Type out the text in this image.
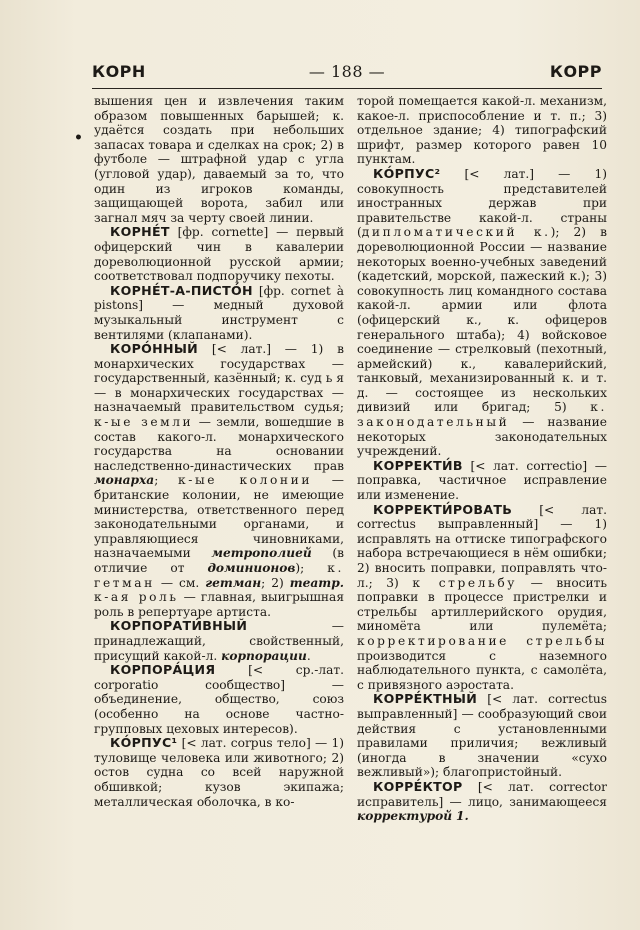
КОРН	— 188 —	КОРР
•

вышения цен и извлечения таким образом повышенных барышей; к. удаётся создать при небольших запасах товара и сделках на срок; 2) в футболе — штрафной удар с угла (угловой удар), даваемый за то, что один из игроков команды, защищающей ворота, забил или загнал мяч за черту своей линии.

КОРНЕ́Т [фр. cornette] — первый офицерский чин в кавалерии дореволюционной русской армии; соответствовал подпоручику пехоты.

КОРНЕ́Т-А-ПИСТО́Н [фр. cornet à pistons] — медный духовой музыкальный инструмент с вентилями (клапанами).

КОРО́ННЫЙ [< лат.] — 1) в монархических государствах — государственный, казённый; к. суд ь я — в монархических государствах — назначаемый правительством судья; к-ые земли — земли, вошедшие в состав какого-л. монархического государства на основании наследственно-династических прав монарха; к-ые колонии — британские колонии, не имеющие министерства, ответственного перед законодательными органами, и управляющиеся чиновниками, назначаемыми метрополией (в отличие от доминионов); к. гетман — см. гетман; 2) театр. к-ая роль — главная, выигрышная роль в репертуаре артиста.

КОРПОРАТИ́ВНЫЙ — принадлежащий, свойственный, присущий какой-л. корпорации.

КОРПОРА́ЦИЯ [< ср.-лат. corporatio сообщество] — объединение, общество, союз (особенно на основе частно-групповых цеховых интересов).

КО́РПУС¹ [< лат. corpus тело] — 1) туловище человека или животного; 2) остов судна со всей наружной обшивкой; кузов экипажа; металлическая оболочка, в ко-

торой помещается какой-л. механизм, какое-л. приспособление и т. п.; 3) отдельное здание; 4) типографский шрифт, размер которого равен 10 пунктам.

КО́РПУС² [< лат.] — 1) совокупность представителей иностранных держав при правительстве какой-л. страны (дипломатический к.); 2) в дореволюционной России — название некоторых военно-учебных заведений (кадетский, морской, пажеский к.); 3) совокупность лиц командного состава какой-л. армии или флота (офицерский к., к. офицеров генерального штаба); 4) войсковое соединение — стрелковый (пехотный, армейский) к., кавалерийский, танковый, механизированный к. и т. д. — состоящее из нескольких дивизий или бригад; 5) к. законодательный — название некоторых законодательных учреждений.

КОРРЕКТИ́В [< лат. correctio] — поправка, частичное исправление или изменение.

КОРРЕКТИ́РОВАТЬ [< лат. correctus выправленный] — 1) исправлять на оттиске типографского набора встречающиеся в нём ошибки; 2) вносить поправки, поправлять что-л.; 3) к стрельбу — вносить поправки в процессе пристрелки и стрельбы артиллерийского орудия, миномёта или пулемёта; корректирование стрельбы производится с наземного наблюдательного пункта, с самолёта, с привязного аэростата.

КОРРЕ́КТНЫЙ [< лат. correctus выправленный] — сообразующий свои действия с установленными правилами приличия; вежливый (иногда в значении «сухо вежливый»); благопристойный.

КОРРЕ́КТОР [< лат. corrector исправитель] — лицо, занимающееся корректурой 1.
